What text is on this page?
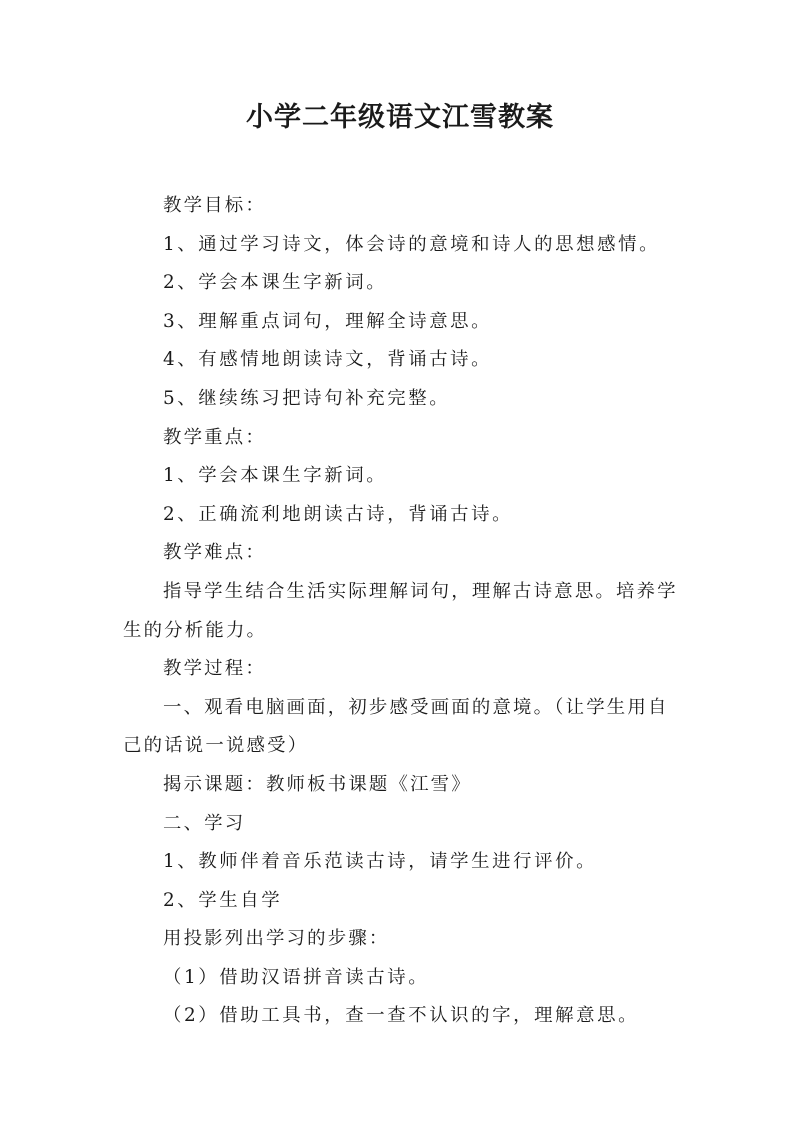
小学二年级语文江雪教案

教学目标：

1、通过学习诗文，体会诗的意境和诗人的思想感情。

2、学会本课生字新词。

3、理解重点词句，理解全诗意思。

4、有感情地朗读诗文，背诵古诗。

5、继续练习把诗句补充完整。

教学重点：

1、学会本课生字新词。

2、正确流利地朗读古诗，背诵古诗。

教学难点：

指导学生结合生活实际理解词句，理解古诗意思。培养学生的分析能力。

教学过程：

一、观看电脑画面，初步感受画面的意境。（让学生用自己的话说一说感受）

揭示课题：教师板书课题《江雪》

二、学习

1、教师伴着音乐范读古诗，请学生进行评价。

2、学生自学

用投影列出学习的步骤：

（1）借助汉语拼音读古诗。

（2）借助工具书，查一查不认识的字，理解意思。
